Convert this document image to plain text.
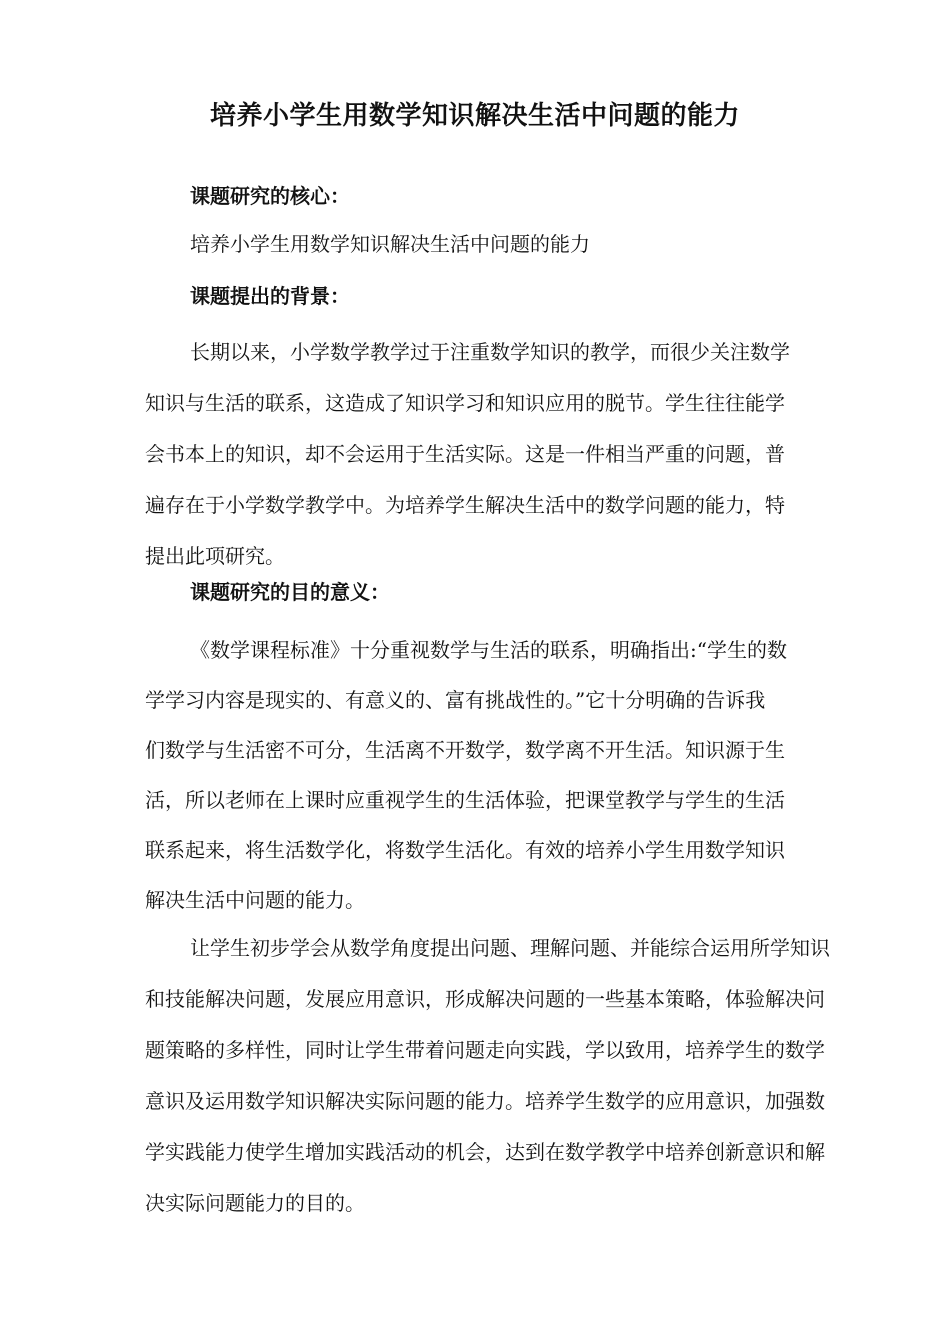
培养小学生用数学知识解决生活中问题的能力
课题研究的核心：
培养小学生用数学知识解决生活中问题的能力
课题提出的背景：
长期以来，小学数学教学过于注重数学知识的教学，而很少关注数学
知识与生活的联系，这造成了知识学习和知识应用的脱节。学生往往能学
会书本上的知识，却不会运用于生活实际。这是一件相当严重的问题，普
遍存在于小学数学教学中。为培养学生解决生活中的数学问题的能力，特
提出此项研究。
课题研究的目的意义：
《数学课程标准》十分重视数学与生活的联系，明确指出:“学生的数
学学习内容是现实的、有意义的、富有挑战性的。”它十分明确的告诉我
们数学与生活密不可分，生活离不开数学，数学离不开生活。知识源于生
活，所以老师在上课时应重视学生的生活体验，把课堂教学与学生的生活
联系起来，将生活数学化，将数学生活化。有效的培养小学生用数学知识
解决生活中问题的能力。
让学生初步学会从数学角度提出问题、理解问题、并能综合运用所学知识
和技能解决问题，发展应用意识，形成解决问题的一些基本策略，体验解决问
题策略的多样性，同时让学生带着问题走向实践，学以致用，培养学生的数学
意识及运用数学知识解决实际问题的能力。培养学生数学的应用意识，加强数
学实践能力使学生增加实践活动的机会，达到在数学教学中培养创新意识和解
决实际问题能力的目的。
